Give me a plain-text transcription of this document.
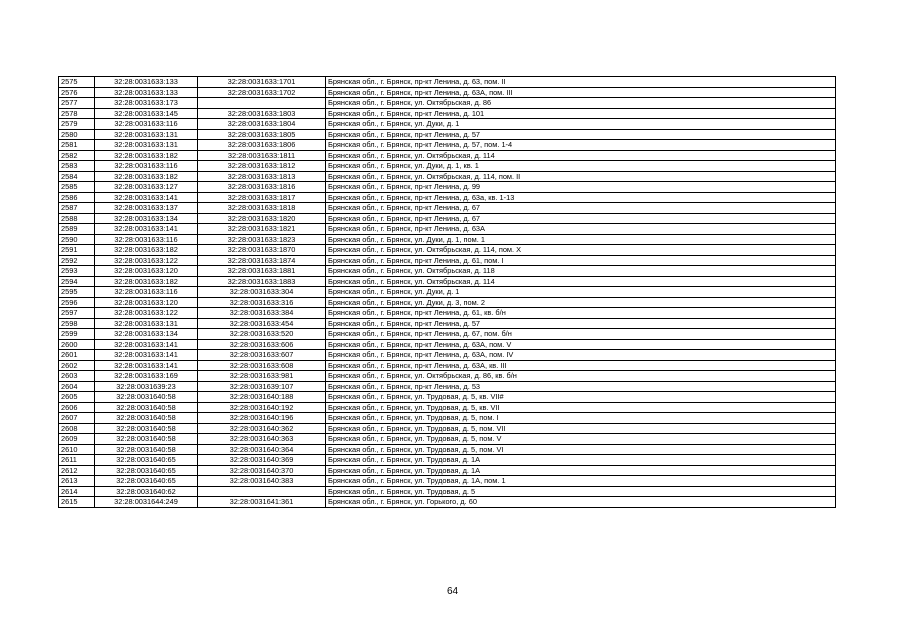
2575	32:28:0031633:133	32:28:0031633:1701	Брянская обл., г. Брянск, пр-кт Ленина, д. 63, пом. II
2576	32:28:0031633:133	32:28:0031633:1702	Брянская обл., г. Брянск, пр-кт Ленина, д. 63А, пом. III
2577	32:28:0031633:173		Брянская обл., г. Брянск, ул. Октябрьская, д. 86
2578	32:28:0031633:145	32:28:0031633:1803	Брянская обл., г. Брянск, пр-кт Ленина, д. 101
2579	32:28:0031633:116	32:28:0031633:1804	Брянская обл., г. Брянск, ул. Дуки, д. 1
2580	32:28:0031633:131	32:28:0031633:1805	Брянская обл., г. Брянск, пр-кт Ленина, д. 57
2581	32:28:0031633:131	32:28:0031633:1806	Брянская обл., г. Брянск, пр-кт Ленина, д. 57, пом. 1-4
2582	32:28:0031633:182	32:28:0031633:1811	Брянская обл., г. Брянск, ул. Октябрьская, д. 114
2583	32:28:0031633:116	32:28:0031633:1812	Брянская обл., г. Брянск, ул. Дуки, д. 1, кв. 1
2584	32:28:0031633:182	32:28:0031633:1813	Брянская обл., г. Брянск, ул. Октябрьская, д. 114, пом. II
2585	32:28:0031633:127	32:28:0031633:1816	Брянская обл., г. Брянск, пр-кт Ленина, д. 99
2586	32:28:0031633:141	32:28:0031633:1817	Брянская обл., г. Брянск, пр-кт Ленина, д. 63а, кв. 1-13
2587	32:28:0031633:137	32:28:0031633:1818	Брянская обл., г. Брянск, пр-кт Ленина, д. 67
2588	32:28:0031633:134	32:28:0031633:1820	Брянская обл., г. Брянск, пр-кт Ленина, д. 67
2589	32:28:0031633:141	32:28:0031633:1821	Брянская обл., г. Брянск, пр-кт Ленина, д. 63А
2590	32:28:0031633:116	32:28:0031633:1823	Брянская обл., г. Брянск, ул. Дуки, д. 1, пом. 1
2591	32:28:0031633:182	32:28:0031633:1870	Брянская обл., г. Брянск, ул. Октябрьская, д. 114, пом. X
2592	32:28:0031633:122	32:28:0031633:1874	Брянская обл., г. Брянск, пр-кт Ленина, д. 61, пом. I
2593	32:28:0031633:120	32:28:0031633:1881	Брянская обл., г. Брянск, ул. Октябрьская, д. 118
2594	32:28:0031633:182	32:28:0031633:1883	Брянская обл., г. Брянск, ул. Октябрьская, д. 114
2595	32:28:0031633:116	32:28:0031633:304	Брянская обл., г. Брянск, ул. Дуки, д. 1
2596	32:28:0031633:120	32:28:0031633:316	Брянская обл., г. Брянск, ул. Дуки, д. 3, пом. 2
2597	32:28:0031633:122	32:28:0031633:384	Брянская обл., г. Брянск, пр-кт Ленина, д. 61, кв. б/н
2598	32:28:0031633:131	32:28:0031633:454	Брянская обл., г. Брянск, пр-кт Ленина, д. 57
2599	32:28:0031633:134	32:28:0031633:520	Брянская обл., г. Брянск, пр-кт Ленина, д. 67, пом. б/н
2600	32:28:0031633:141	32:28:0031633:606	Брянская обл., г. Брянск, пр-кт Ленина, д. 63А, пом. V
2601	32:28:0031633:141	32:28:0031633:607	Брянская обл., г. Брянск, пр-кт Ленина, д. 63А, пом. IV
2602	32:28:0031633:141	32:28:0031633:608	Брянская обл., г. Брянск, пр-кт Ленина, д. 63А, кв. III
2603	32:28:0031633:169	32:28:0031633:981	Брянская обл., г. Брянск, ул. Октябрьская, д. 86, кв. б/н
2604	32:28:0031639:23	32:28:0031639:107	Брянская обл., г. Брянск, пр-кт Ленина, д. 53
2605	32:28:0031640:58	32:28:0031640:188	Брянская обл., г. Брянск, ул. Трудовая, д. 5, кв. VII#
2606	32:28:0031640:58	32:28:0031640:192	Брянская обл., г. Брянск, ул. Трудовая, д. 5, кв. VII
2607	32:28:0031640:58	32:28:0031640:196	Брянская обл., г. Брянск, ул. Трудовая, д. 5, пом. I
2608	32:28:0031640:58	32:28:0031640:362	Брянская обл., г. Брянск, ул. Трудовая, д. 5, пом. VII
2609	32:28:0031640:58	32:28:0031640:363	Брянская обл., г. Брянск, ул. Трудовая, д. 5, пом. V
2610	32:28:0031640:58	32:28:0031640:364	Брянская обл., г. Брянск, ул. Трудовая, д. 5, пом. VI
2611	32:28:0031640:65	32:28:0031640:369	Брянская обл., г. Брянск, ул. Трудовая, д. 1А
2612	32:28:0031640:65	32:28:0031640:370	Брянская обл., г. Брянск, ул. Трудовая, д. 1А
2613	32:28:0031640:65	32:28:0031640:383	Брянская обл., г. Брянск, ул. Трудовая, д. 1А, пом. 1
2614	32:28:0031640:62		Брянская обл., г. Брянск, ул. Трудовая, д. 5
2615	32:28:0031644:249	32:28:0031641:361	Брянская обл., г. Брянск, ул. Горького, д. 60
64
